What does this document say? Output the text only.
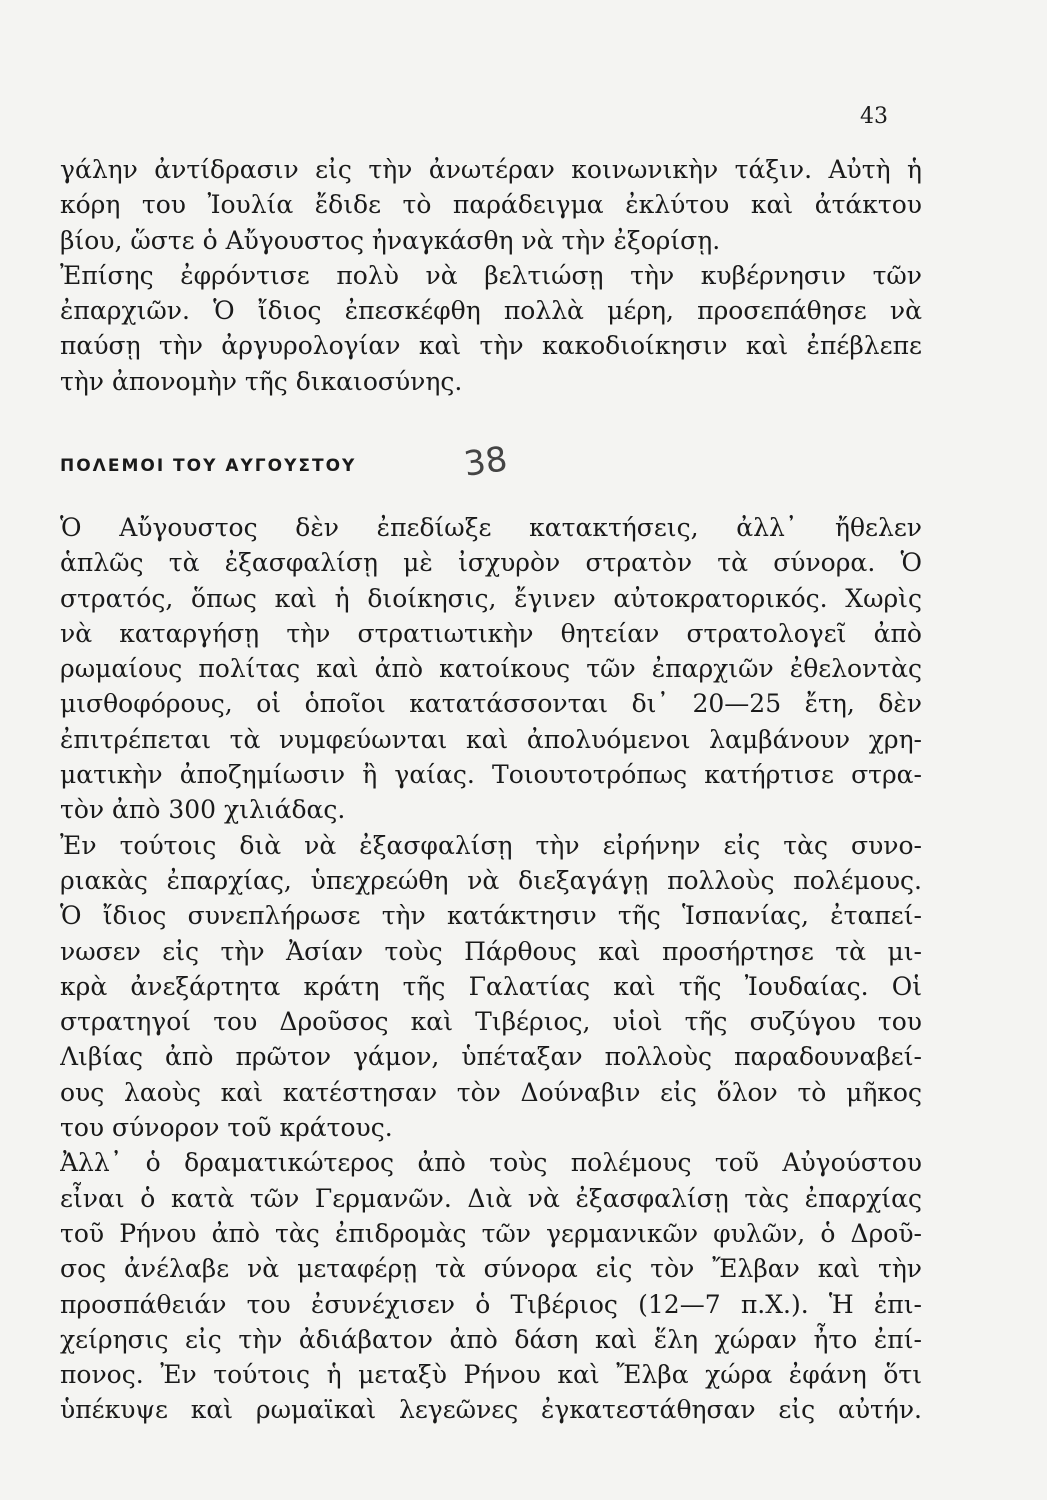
43
γάλην ἀντίδρασιν εἰς τὴν ἀνωτέραν κοινωνικὴν τάξιν. Αὐτὴ ἡ
κόρη του Ἰουλία ἔδιδε τὸ παράδειγμα ἐκλύτου καὶ ἀτάκτου
βίου, ὥστε ὁ Αὔγουστος ἠναγκάσθη νὰ τὴν ἐξορίσῃ.
Ἐπίσης ἐφρόντισε πολὺ νὰ βελτιώσῃ τὴν κυβέρνησιν τῶν
ἐπαρχιῶν. Ὁ ἴδιος ἐπεσκέφθη πολλὰ μέρη, προσεπάθησε νὰ
παύσῃ τὴν ἀργυρολογίαν καὶ τὴν κακοδιοίκησιν καὶ ἐπέβλεπε
τὴν ἀπονομὴν τῆς δικαιοσύνης.
ΠΟΛΕΜΟΙ ΤΟΥ ΑΥΓΟΥΣΤΟΥ	38
Ὁ Αὔγουστος δὲν ἐπεδίωξε κατακτήσεις, ἀλλ᾽ ἤθελεν
ἁπλῶς τὰ ἐξασφαλίσῃ μὲ ἰσχυρὸν στρατὸν τὰ σύνορα. Ὁ
στρατός, ὅπως καὶ ἡ διοίκησις, ἔγινεν αὐτοκρατορικός. Χωρὶς
νὰ καταργήσῃ τὴν στρατιωτικὴν θητείαν στρατολογεῖ ἀπὸ
ρωμαίους πολίτας καὶ ἀπὸ κατοίκους τῶν ἐπαρχιῶν ἐθελοντὰς
μισθοφόρους, οἱ ὁποῖοι κατατάσσονται δι᾽ 20—25 ἔτη, δὲν
ἐπιτρέπεται τὰ νυμφεύωνται καὶ ἀπολυόμενοι λαμβάνουν χρη-
ματικὴν ἀποζημίωσιν ἢ γαίας. Τοιουτοτρόπως κατήρτισε στρα-
τὸν ἀπὸ 300 χιλιάδας.
Ἐν τούτοις διὰ νὰ ἐξασφαλίσῃ τὴν εἰρήνην εἰς τὰς συνο-
ριακὰς ἐπαρχίας, ὑπεχρεώθη νὰ διεξαγάγῃ πολλοὺς πολέμους.
Ὁ ἴδιος συνεπλήρωσε τὴν κατάκτησιν τῆς Ἱσπανίας, ἐταπεί-
νωσεν εἰς τὴν Ἀσίαν τοὺς Πάρθους καὶ προσήρτησε τὰ μι-
κρὰ ἀνεξάρτητα κράτη τῆς Γαλατίας καὶ τῆς Ἰουδαίας. Οἱ
στρατηγοί του Δροῦσος καὶ Τιβέριος, υἱοὶ τῆς συζύγου του
Λιβίας ἀπὸ πρῶτον γάμον, ὑπέταξαν πολλοὺς παραδουναβεί-
ους λαοὺς καὶ κατέστησαν τὸν Δούναβιν εἰς ὅλον τὸ μῆκος
του σύνορον τοῦ κράτους.
Ἀλλ᾽ ὁ δραματικώτερος ἀπὸ τοὺς πολέμους τοῦ Αὐγούστου
εἶναι ὁ κατὰ τῶν Γερμανῶν. Διὰ νὰ ἐξασφαλίσῃ τὰς ἐπαρχίας
τοῦ Ρήνου ἀπὸ τὰς ἐπιδρομὰς τῶν γερμανικῶν φυλῶν, ὁ Δροῦ-
σος ἀνέλαβε νὰ μεταφέρῃ τὰ σύνορα εἰς τὸν Ἔλβαν καὶ τὴν
προσπάθειάν του ἐσυνέχισεν ὁ Τιβέριος (12—7 π.Χ.). Ἡ ἐπι-
χείρησις εἰς τὴν ἀδιάβατον ἀπὸ δάση καὶ ἕλη χώραν ἦτο ἐπί-
πονος. Ἐν τούτοις ἡ μεταξὺ Ρήνου καὶ Ἔλβα χώρα ἐφάνη ὅτι
ὑπέκυψε καὶ ρωμαϊκαὶ λεγεῶνες ἐγκατεστάθησαν εἰς αὐτήν.
